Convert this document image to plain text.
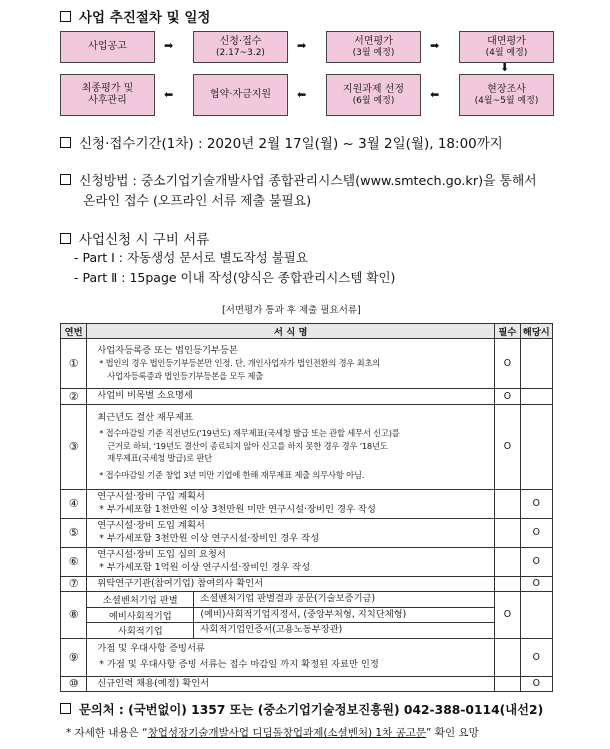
사업 추진절차 및 일정
사업공고	➡	신청·접수
(2.17~3.2)
➡	서면평가
(3월 예정)
➡	대면평가
(4월 예정)
⬇
최종평가 및
사후관리	⬅	협약·자금지원 ⬅	지원과제 선정
(6월 예정)	⬅	현장조사
(4월~5월 예정)
신청·접수기간(1차) : 2020년 2월 17일(월) ~ 3월 2일(월), 18:00까지
신청방법 : 중소기업기술개발사업 종합관리시스템(www.smtech.go.kr)을 통해서
온라인 접수 (오프라인 서류 제출 불필요)
사업신청 시 구비 서류
- Part Ⅰ : 자동생성 문서로 별도작성 불필요
- Part Ⅱ : 15page 이내 작성(양식은 종합관리시스템 확인)
[서면평가 통과 후 제출 필요서류]
연번	서 식 명		필수	해당시
①	사업자등록증 또는 법인등기부등본
* 법인의 경우 법인등기부등본만 인정. 단, 개인사업자가 법인전환의 경우 최초의
사업자등록증과 법인등기부등본을 모두 제출		O	
②	사업비 비목별 소요명세		O	
③	최근년도 결산 재무제표
* 접수마감일 기준 직전년도('19년도) 재무제표(국세청 발급 또는 관할 세무서 신고)를
근거로 하되, '19년도 결산이 종료되지 않아 신고를 하지 못한 경우 경우 '18년도
재무제표(국세청 발급)로 판단
* 접수마감일 기준 창업 3년 미만 기업에 한해 재무제표 제출 의무사항 아님.		O	
④	연구시설·장비 구입 계획서
* 부가세포함 1천만원 이상 3천만원 미만 연구시설·장비인 경우 작성			O
⑤	연구시설·장비 도입 계획서
* 부가세포함 3천만원 이상 연구시설·장비인 경우 작성			O
⑥	연구시설·장비 도입 심의 요청서
* 부가세포함 1억원 이상 연구시설·장비인 경우 작성			O
⑦	위탁연구기관(참여기업) 참여의사 확인서			O
⑧	소셜벤처기업 판별	소셜벤처기업 판별결과 공문(기술보증기금)	O	
	예비사회적기업	(예비)사회적기업지정서, (중앙부처형, 지치단체형)		
	사회적기업	사회적기업인증서(고용노동부장관)		
⑨	가점 및 우대사항 증빙서류
* 가점 및 우대사항 증빙 서류는 접수 마감일 까지 확정된 자료만 인정			O
⑩	신규인력 채용(예정) 확인서			O
문의처 : (국번없이) 1357 또는 (중소기업기술정보진흥원) 042-388-0114(내선2)
* 자세한 내용은 “창업성장기술개발사업 디딤돌창업과제(소셜벤처) 1차 공고문” 확인 요망
